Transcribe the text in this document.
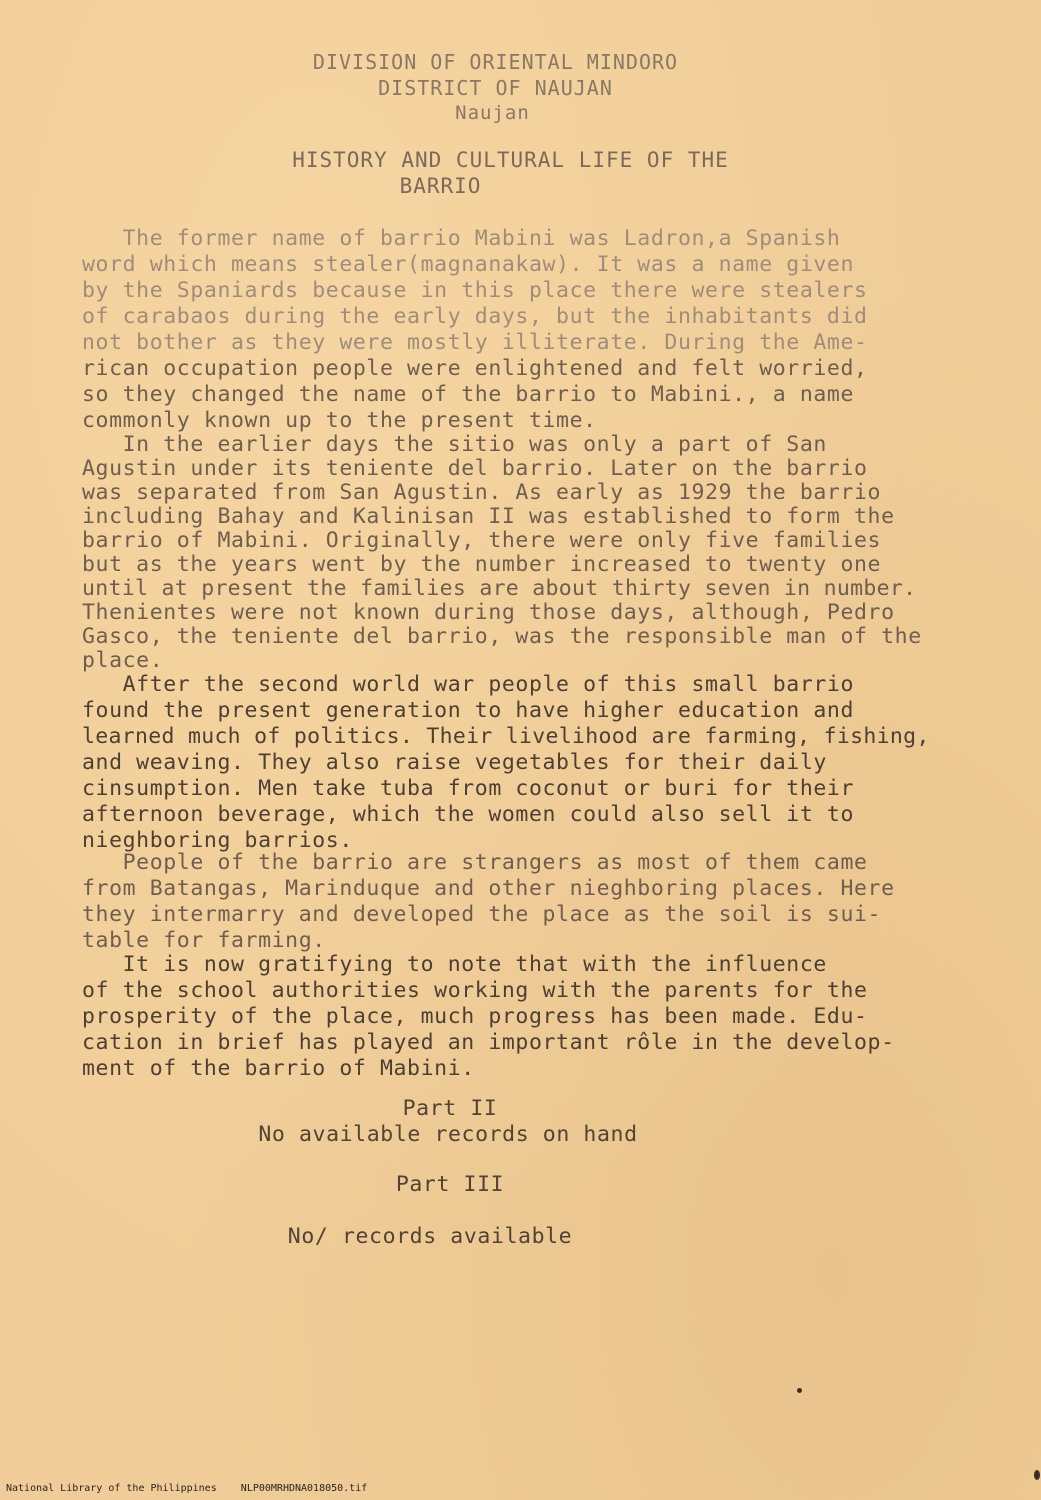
DIVISION OF ORIENTAL MINDORO
DISTRICT OF NAUJAN
Naujan
HISTORY AND CULTURAL LIFE OF THE
BARRIO
The former name of barrio Mabini was Ladron,a Spanish
word which means stealer(magnanakaw). It was a name given
by the Spaniards because in this place there were stealers
of carabaos during the early days, but the inhabitants did
not bother as they were mostly illiterate. During the Ame-
rican occupation people were enlightened and felt worried,
so they changed the name of the barrio to Mabini., a name
commonly known up to the present time.
In the earlier days the sitio was only a part of San
Agustin under its teniente del barrio. Later on the barrio
was separated from San Agustin. As early as 1929 the barrio
including Bahay and Kalinisan II was established to form the
barrio of Mabini. Originally, there were only five families
but as the years went by the number increased to twenty one
until at present the families are about thirty seven in number.
Thenientes were not known during those days, although, Pedro
Gasco, the teniente del barrio, was the responsible man of the
place.
After the second world war people of this small barrio
found the present generation to have higher education and
learned much of politics. Their livelihood are farming, fishing,
and weaving. They also raise vegetables for their daily
cinsumption. Men take tuba from coconut or buri for their
afternoon beverage, which the women could also sell it to
nieghboring barrios.
People of the barrio are strangers as most of them came
from Batangas, Marinduque and other nieghboring places. Here
they intermarry and developed the place as the soil is sui-
table for farming.
It is now gratifying to note that with the influence
of the school authorities working with the parents for the
prosperity of the place, much progress has been made. Edu-
cation in brief has played an important rôle in the develop-
ment of the barrio of Mabini.
Part II
No available records on hand
Part III
No/ records available
National Library of the Philippines    NLP00MRHDNA018050.tif
